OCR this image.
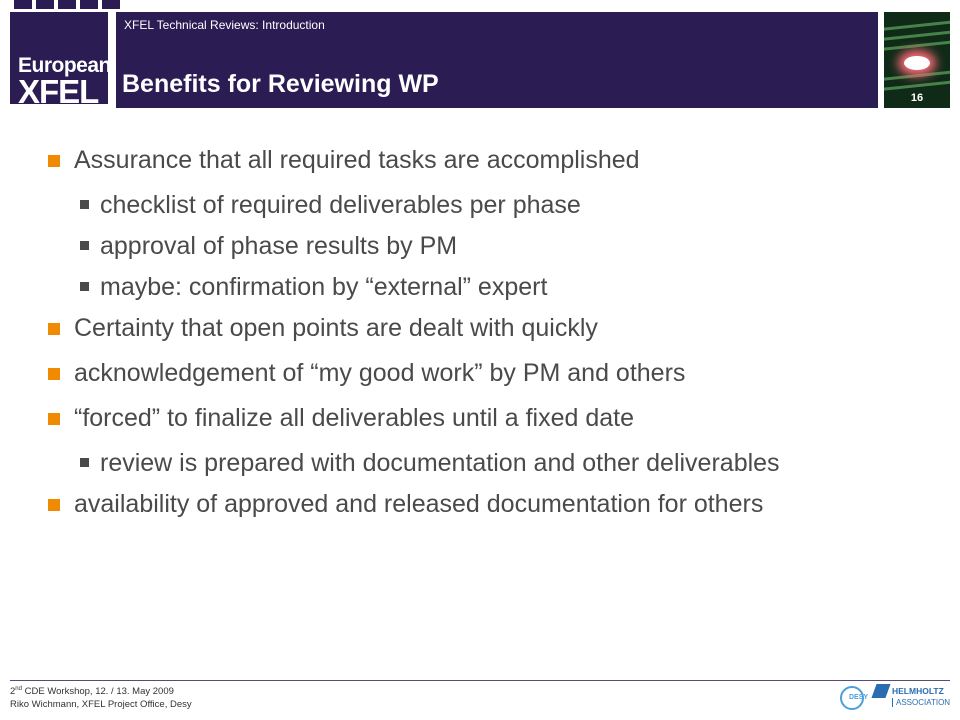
European
XFEL
XFEL Technical Reviews: Introduction
Benefits for Reviewing WP	16
Assurance that all required tasks are accomplished
checklist of required deliverables per phase
approval of phase results by PM
maybe: confirmation by “external” expert
Certainty that open points are dealt with quickly
acknowledgement of “my good work” by PM and others
“forced” to finalize all deliverables until a fixed date
review is prepared with documentation and other deliverables
availability of approved and released documentation for others
2nd CDE Workshop, 12. / 13. May 2009
Riko Wichmann, XFEL Project Office, Desy
DESY
HELMHOLTZ
ASSOCIATION
